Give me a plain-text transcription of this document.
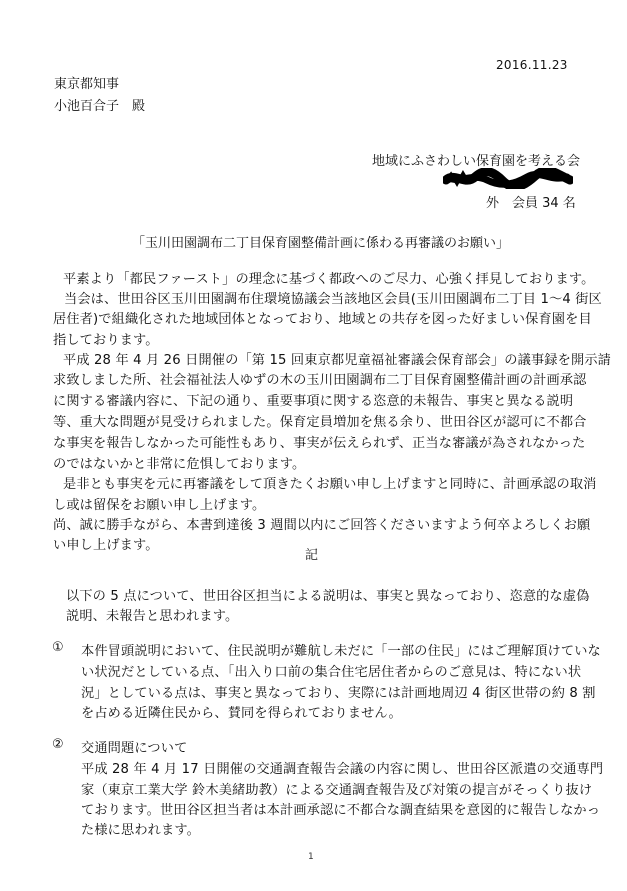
2016.11.23
東京都知事
小池百合子　殿
地域にふさわしい保育園を考える会
外　会員 34 名
「玉川田園調布二丁目保育園整備計画に係わる再審議のお願い」
平素より「都民ファースト」の理念に基づく都政へのご尽力、心強く拝見しております。
当会は、世田谷区玉川田園調布住環境協議会当該地区会員(玉川田園調布二丁目 1～4 街区
居住者)で組織化された地域団体となっており、地域との共存を図った好ましい保育園を目
指しております。
平成 28 年 4 月 26 日開催の「第 15 回東京都児童福祉審議会保育部会」の議事録を開示請
求致しました所、社会福祉法人ゆずの木の玉川田園調布二丁目保育園整備計画の計画承認
に関する審議内容に、下記の通り、重要事項に関する恣意的未報告、事実と異なる説明
等、重大な問題が見受けられました。保育定員増加を焦る余り、世田谷区が認可に不都合
な事実を報告しなかった可能性もあり、事実が伝えられず、正当な審議が為されなかった
のではないかと非常に危惧しております。
是非とも事実を元に再審議をして頂きたくお願い申し上げますと同時に、計画承認の取消
し或は留保をお願い申し上げます。
尚、誠に勝手ながら、本書到達後 3 週間以内にご回答くださいますよう何卒よろしくお願
い申し上げます。
記
以下の 5 点について、世田谷区担当による説明は、事実と異なっており、恣意的な虚偽
説明、未報告と思われます。
① 本件冒頭説明において、住民説明が難航し未だに「一部の住民」にはご理解頂けていな
い状況だとしている点、「出入り口前の集合住宅居住者からのご意見は、特にない状
況」としている点は、事実と異なっており、実際には計画地周辺 4 街区世帯の約 8 割
を占める近隣住民から、賛同を得られておりません。
② 交通問題について
平成 28 年 4 月 17 日開催の交通調査報告会議の内容に関し、世田谷区派遣の交通専門
家（東京工業大学 鈴木美緒助教）による交通調査報告及び対策の提言がそっくり抜け
ております。世田谷区担当者は本計画承認に不都合な調査結果を意図的に報告しなかっ
た様に思われます。
1
